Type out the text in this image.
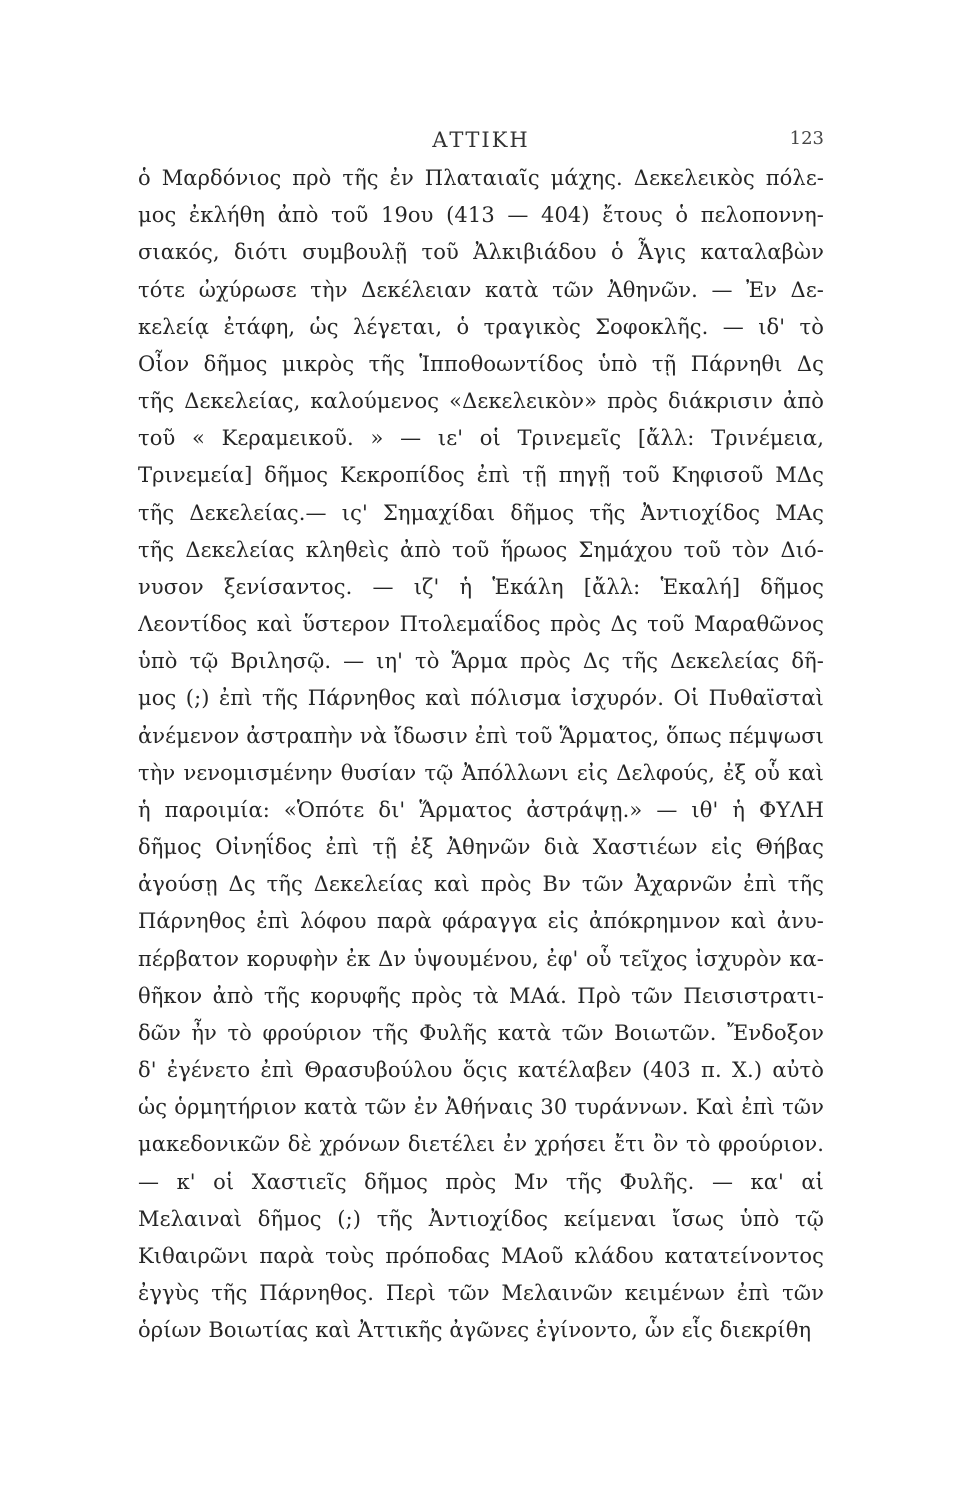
ΑΤΤΙΚΗ	123
ὁ Μαρδόνιος πρὸ τῆς ἐν Πλαταιαῖς μάχης. Δεκελεικὸς πόλε-
μος ἐκλήθη ἀπὸ τοῦ 19ου (413 — 404) ἔτους ὁ πελοποννη-
σιακός, διότι συμβουλῇ τοῦ Ἀλκιβιάδου ὁ Ἆγις καταλαβὼν
τότε ὠχύρωσε τὴν Δεκέλειαν κατὰ τῶν Ἀθηνῶν. — Ἐν Δε-
κελείᾳ ἐτάφη, ὡς λέγεται, ὁ τραγικὸς Σοφοκλῆς. — ιδ' τὸ
Οἶον δῆμος μικρὸς τῆς Ἱπποθοωντίδος ὑπὸ τῇ Πάρνηθι Δς
τῆς Δεκελείας, καλούμενος «Δεκελεικὸν» πρὸς διάκρισιν ἀπὸ
τοῦ « Κεραμεικοῦ. » — ιε' οἱ Τρινεμεῖς [ἄλλ: Τρινέμεια,
Τρινεμεία] δῆμος Κεκροπίδος ἐπὶ τῇ πηγῇ τοῦ Κηφισοῦ ΜΔς
τῆς Δεκελείας.— ις' Σημαχίδαι δῆμος τῆς Ἀντιοχίδος ΜΑς
τῆς Δεκελείας κληθεὶς ἀπὸ τοῦ ἥρωος Σημάχου τοῦ τὸν Διό-
νυσον ξενίσαντος. — ιζ' ἡ Ἑκάλη [ἄλλ: Ἑκαλή] δῆμος
Λεοντίδος καὶ ὕστερον Πτολεμαΐδος πρὸς Δς τοῦ Μαραθῶνος
ὑπὸ τῷ Βριλησῷ. — ιη' τὸ Ἅρμα πρὸς Δς τῆς Δεκελείας δῆ-
μος (;) ἐπὶ τῆς Πάρνηθος καὶ πόλισμα ἰσχυρόν. Οἱ Πυθαϊσταὶ
ἀνέμενον ἀστραπὴν νὰ ἴδωσιν ἐπὶ τοῦ Ἅρματος, ὅπως πέμψωσι
τὴν νενομισμένην θυσίαν τῷ Ἀπόλλωνι εἰς Δελφούς, ἐξ οὗ καὶ
ἡ παροιμία: «Ὁπότε δι' Ἅρματος ἀστράψῃ.» — ιθ' ἡ ΦΥΛΗ
δῆμος Οἰνηΐδος ἐπὶ τῇ ἐξ Ἀθηνῶν διὰ Χαστιέων εἰς Θήβας
ἀγούσῃ Δς τῆς Δεκελείας καὶ πρὸς Βν τῶν Ἀχαρνῶν ἐπὶ τῆς
Πάρνηθος ἐπὶ λόφου παρὰ φάραγγα εἰς ἀπόκρημνον καὶ ἀνυ-
πέρβατον κορυφὴν ἐκ Δν ὑψουμένου, ἐφ' οὗ τεῖχος ἰσχυρὸν κα-
θῆκον ἀπὸ τῆς κορυφῆς πρὸς τὰ ΜΑά. Πρὸ τῶν Πεισιστρατι-
δῶν ἦν τὸ φρούριον τῆς Φυλῆς κατὰ τῶν Βοιωτῶν. Ἔνδοξον
δ' ἐγένετο ἐπὶ Θρασυβούλου ὅςις κατέλαβεν (403 π. Χ.) αὐτὸ
ὡς ὁρμητήριον κατὰ τῶν ἐν Ἀθήναις 30 τυράννων. Καὶ ἐπὶ τῶν
μακεδονικῶν δὲ χρόνων διετέλει ἐν χρήσει ἔτι ὂν τὸ φρούριον.
— κ' οἱ Χαστιεῖς δῆμος πρὸς Μν τῆς Φυλῆς. — κα' αἱ
Μελαιναὶ δῆμος (;) τῆς Ἀντιοχίδος κείμεναι ἴσως ὑπὸ τῷ
Κιθαιρῶνι παρὰ τοὺς πρόποδας ΜΑοῦ κλάδου κατατείνοντος
ἐγγὺς τῆς Πάρνηθος. Περὶ τῶν Μελαινῶν κειμένων ἐπὶ τῶν
ὁρίων Βοιωτίας καὶ Ἀττικῆς ἀγῶνες ἐγίνοντο, ὧν εἷς διεκρίθη
